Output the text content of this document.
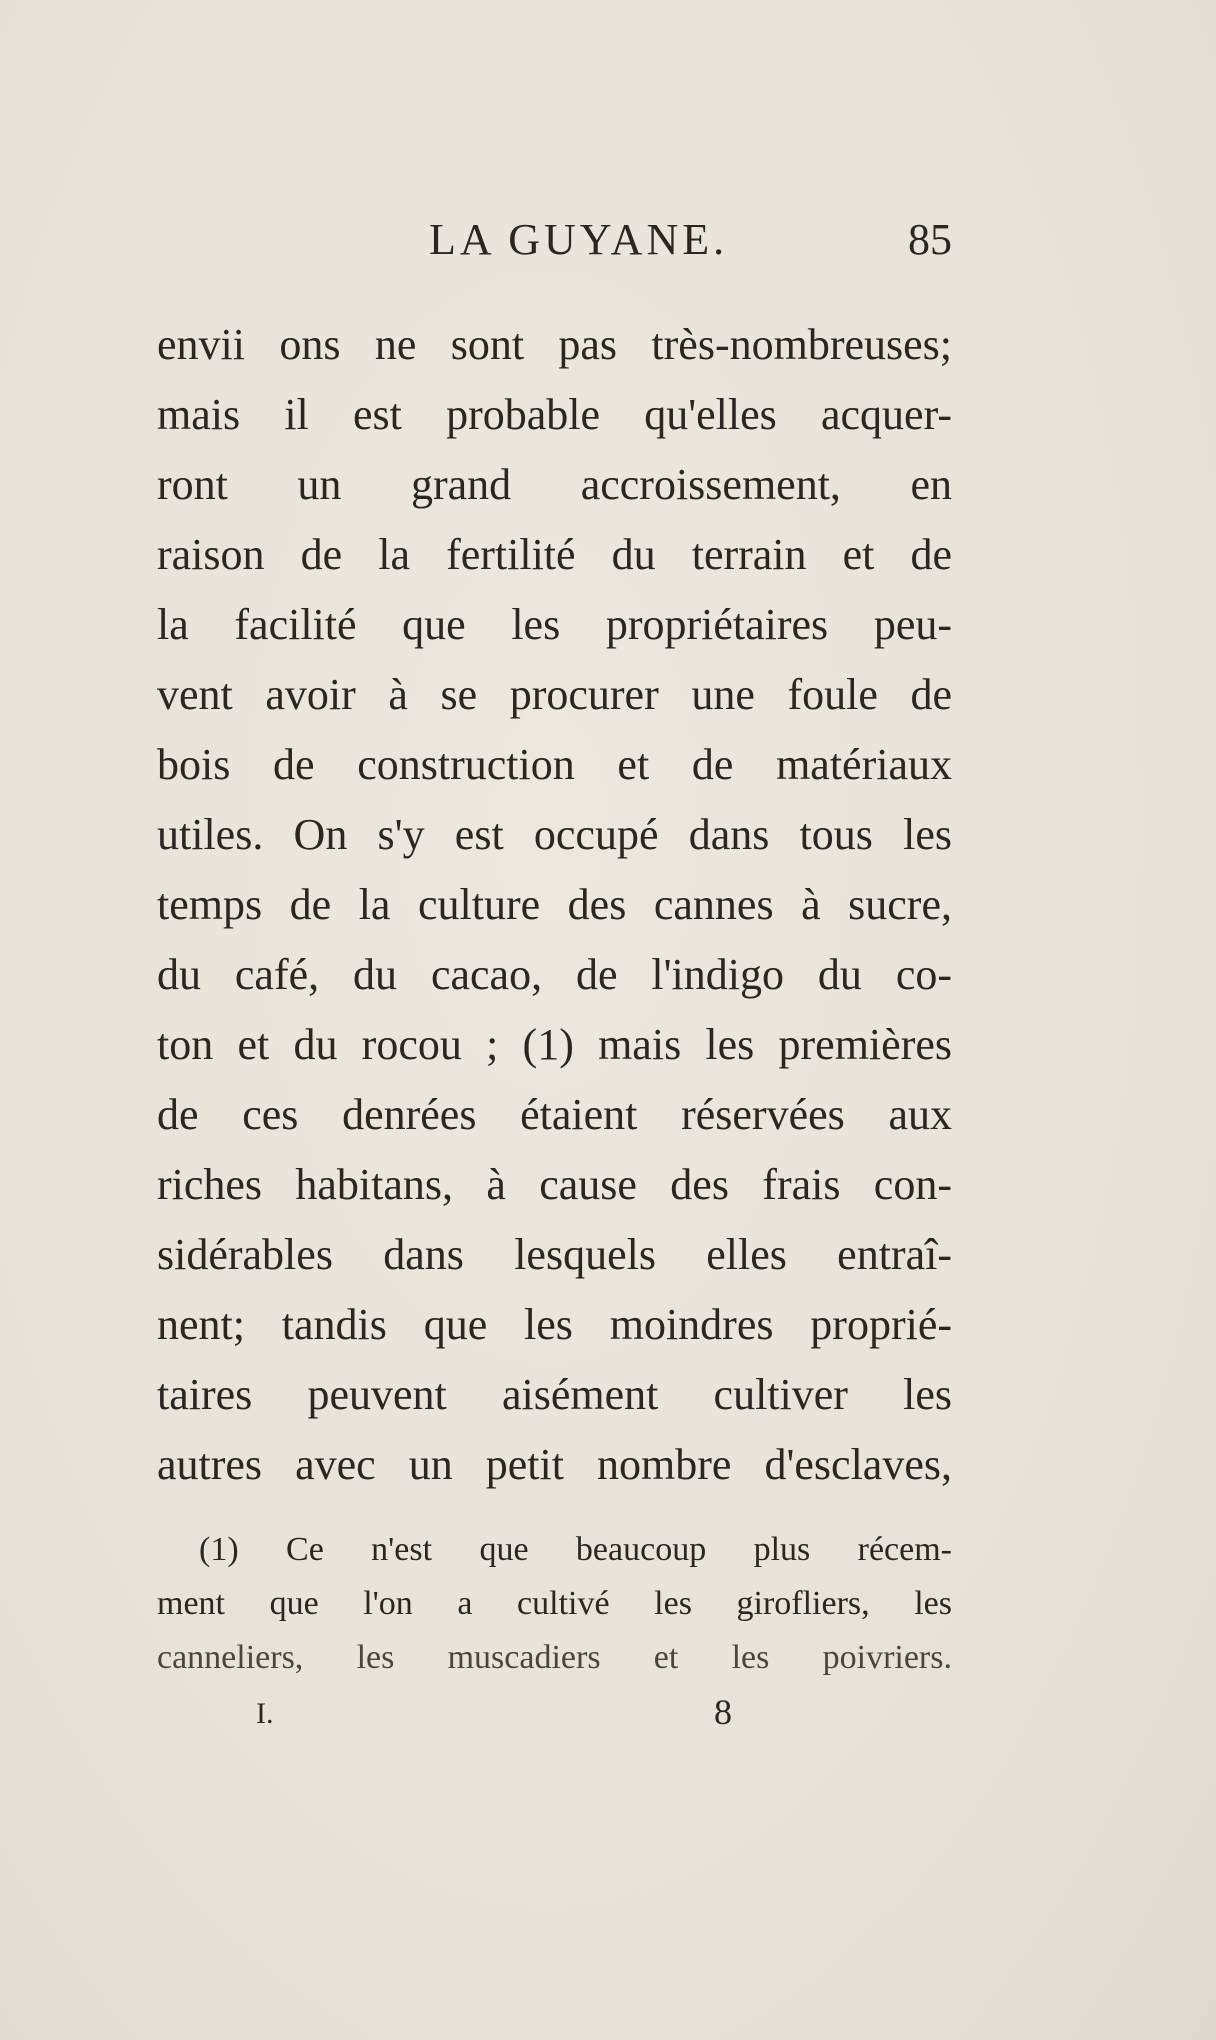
LA GUYANE.	85
envii ons ne sont pas très-nombreuses;
mais il est probable qu'elles acquer-
ront un grand accroissement, en
raison de la fertilité du terrain et de
la facilité que les propriétaires peu-
vent avoir à se procurer une foule de
bois de construction et de matériaux
utiles. On s'y est occupé dans tous les
temps de la culture des cannes à sucre,
du café, du cacao, de l'indigo du co-
ton et du rocou ; (1) mais les premières
de ces denrées étaient réservées aux
riches habitans, à cause des frais con-
sidérables dans lesquels elles entraî-
nent; tandis que les moindres proprié-
taires peuvent aisément cultiver les
autres avec un petit nombre d'esclaves,
(1) Ce n'est que beaucoup plus récem-
ment que l'on a cultivé les girofliers, les
canneliers, les muscadiers et les poivriers.
I.	8
